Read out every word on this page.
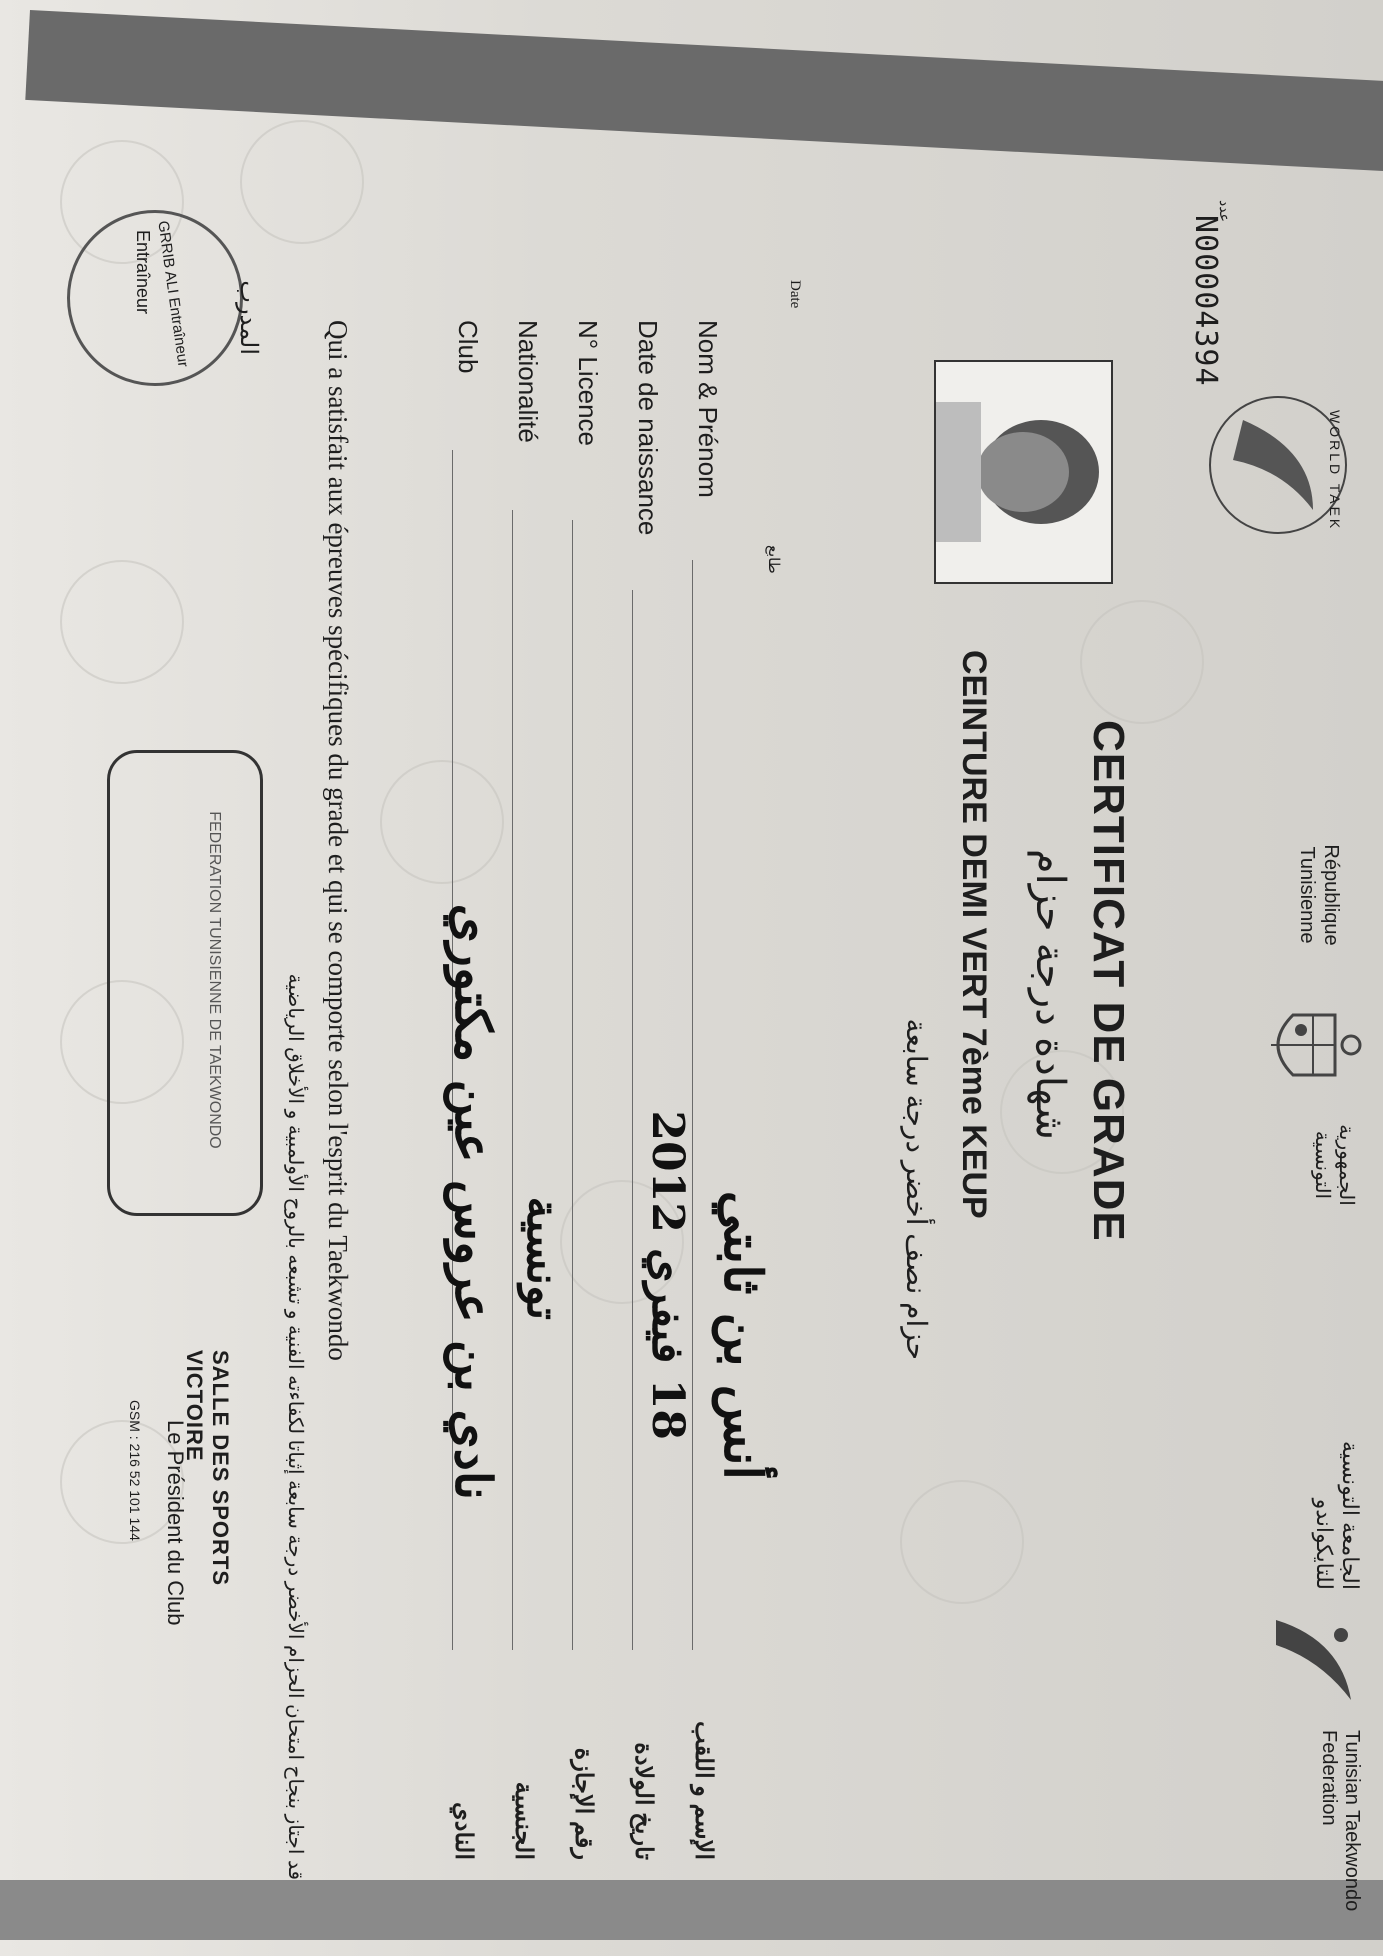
Tunisian Taekwondo Federation
الجامعة التونسية للتايكواندو
الجمهورية التونسية
République Tunisienne
WORLD TAEK
عدد
N00004394
Date
طابع
CERTIFICAT DE GRADE
شهادة درجة حزام
CEINTURE DEMI VERT 7ème KEUP
حزام نصف أخضر درجة سابعة
Nom & Prénom
أنس بن ثابتي
الإسم و اللقب
Date de naissance
18 فيفري 2012
تاريخ الولادة
N° Licence
رقم الإجازة
Nationalité
تونسية
الجنسية
Club
نادي بن عروس عين مكتوري
النادي
Qui a satisfait aux épreuves spécifiques du grade et qui se comporte selon l'esprit du Taekwondo
قد اجتاز بنجاح امتحان الحزام الأخضر درجة سابعة إثباتا لكفاءته الفنية و تشبعه بالروح الأولمبية و الأخلاق الرياضية
GRRIB ALI Entraîneur المدرب
Entraîneur
FEDERATION TUNISIENNE DE TAEKWONDO
SALLE DES SPORTS VICTOIRE
Le Président du Club
GSM : 216 52 101 144
